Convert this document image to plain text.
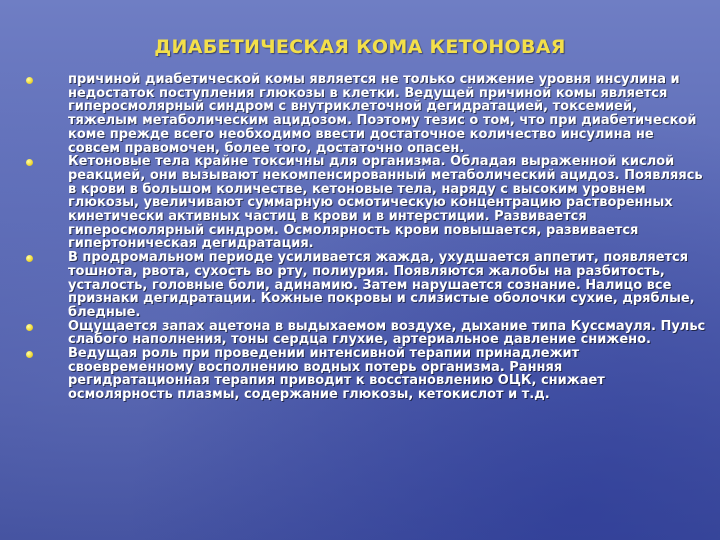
ДИАБЕТИЧЕСКАЯ КОМА КЕТОНОВАЯ
причиной диабетической комы является не только снижение уровня инсулина и недостаток поступления глюкозы в клетки. Ведущей причиной комы является гиперосмолярный синдром с внутриклеточной дегидратацией, токсемией, тяжелым метаболическим ацидозом. Поэтому тезис о том, что при диабетической коме прежде всего необходимо ввести достаточное количество инсулина не совсем правомочен, более того, достаточно опасен.
Кетоновые тела крайне токсичны для организма. Обладая выраженной кислой реакцией, они вызывают некомпенсированный метаболический ацидоз. Появляясь в крови в большом количестве, кетоновые тела, наряду с высоким уровнем глюкозы, увеличивают суммарную осмотическую концентрацию растворенных кинетически активных частиц в крови и в интерстиции. Развивается гиперосмолярный синдром. Осмолярность крови повышается, развивается гипертоническая дегидратация.
В продромальном периоде усиливается жажда, ухудшается аппетит, появляется тошнота, рвота, сухость во рту, полиурия. Появляются жалобы на разбитость, усталость, головные боли, адинамию. Затем нарушается сознание. Налицо все признаки дегидратации. Кожные покровы и слизистые оболочки сухие, дряблые, бледные.
Ощущается запах ацетона в выдыхаемом воздухе, дыхание типа Куссмауля. Пульс слабого наполнения, тоны сердца глухие, артериальное давление снижено.
Ведущая роль при проведении интенсивной терапии принадлежит своевременному восполнению водных потерь организма. Ранняя регидратационная терапия приводит к восстановлению ОЦК, снижает осмолярность плазмы, содержание глюкозы, кетокислот и т.д.
